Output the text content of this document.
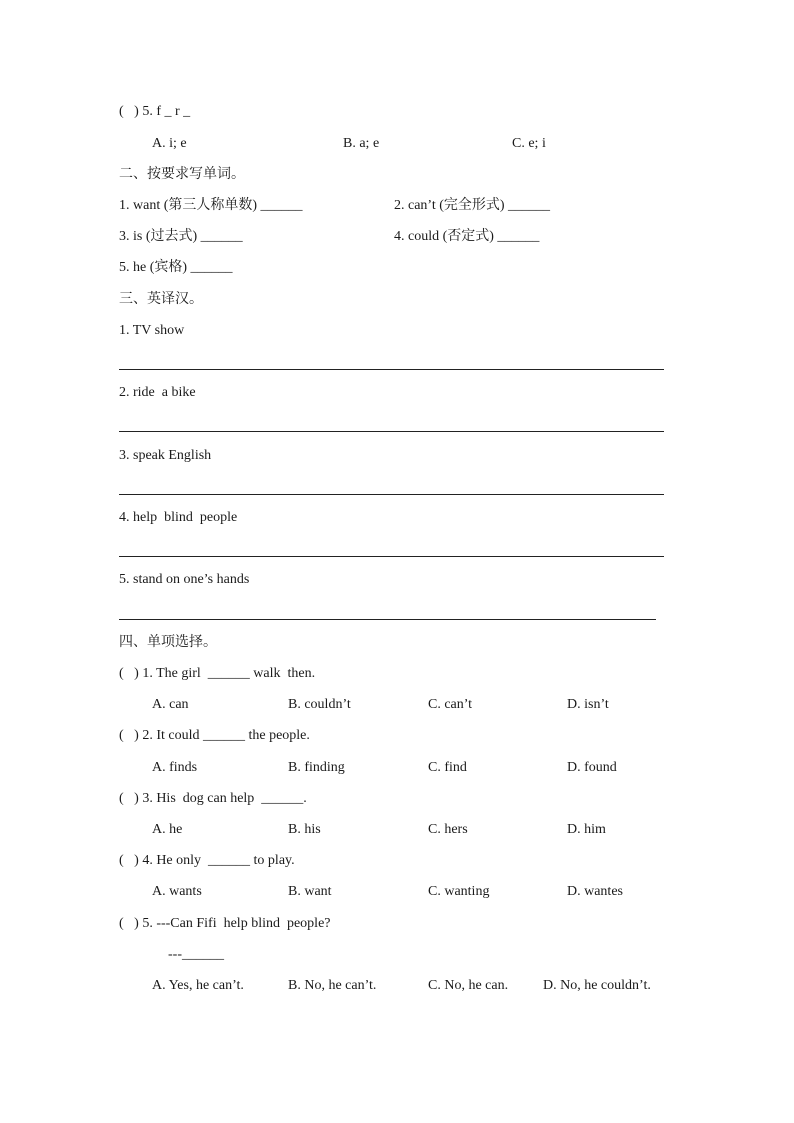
(   ) 5. f _ r _
A. i; e	B. a; e	C. e; i
二、按要求写单词。
1. want (第三人称单数) ______	2. can’t (完全形式) ______
3. is (过去式) ______	4. could (否定式) ______
5. he (宾格) ______
三、英译汉。
1. TV show
2. ride  a bike
3. speak English
4. help  blind  people
5. stand on one’s hands
四、单项选择。
(   ) 1. The girl  ______ walk  then.
A. can	B. couldn’t	C. can’t	D. isn’t
(   ) 2. It could ______ the people.
A. finds	B. finding	C. find	D. found
(   ) 3. His  dog can help  ______.
A. he	B. his	C. hers	D. him
(   ) 4. He only  ______ to play.
A. wants	B. want	C. wanting	D. wantes
(   ) 5. ---Can Fifi  help blind  people?
---______
A. Yes, he can’t.	B. No, he can’t.	C. No, he can. D. No, he couldn’t.
